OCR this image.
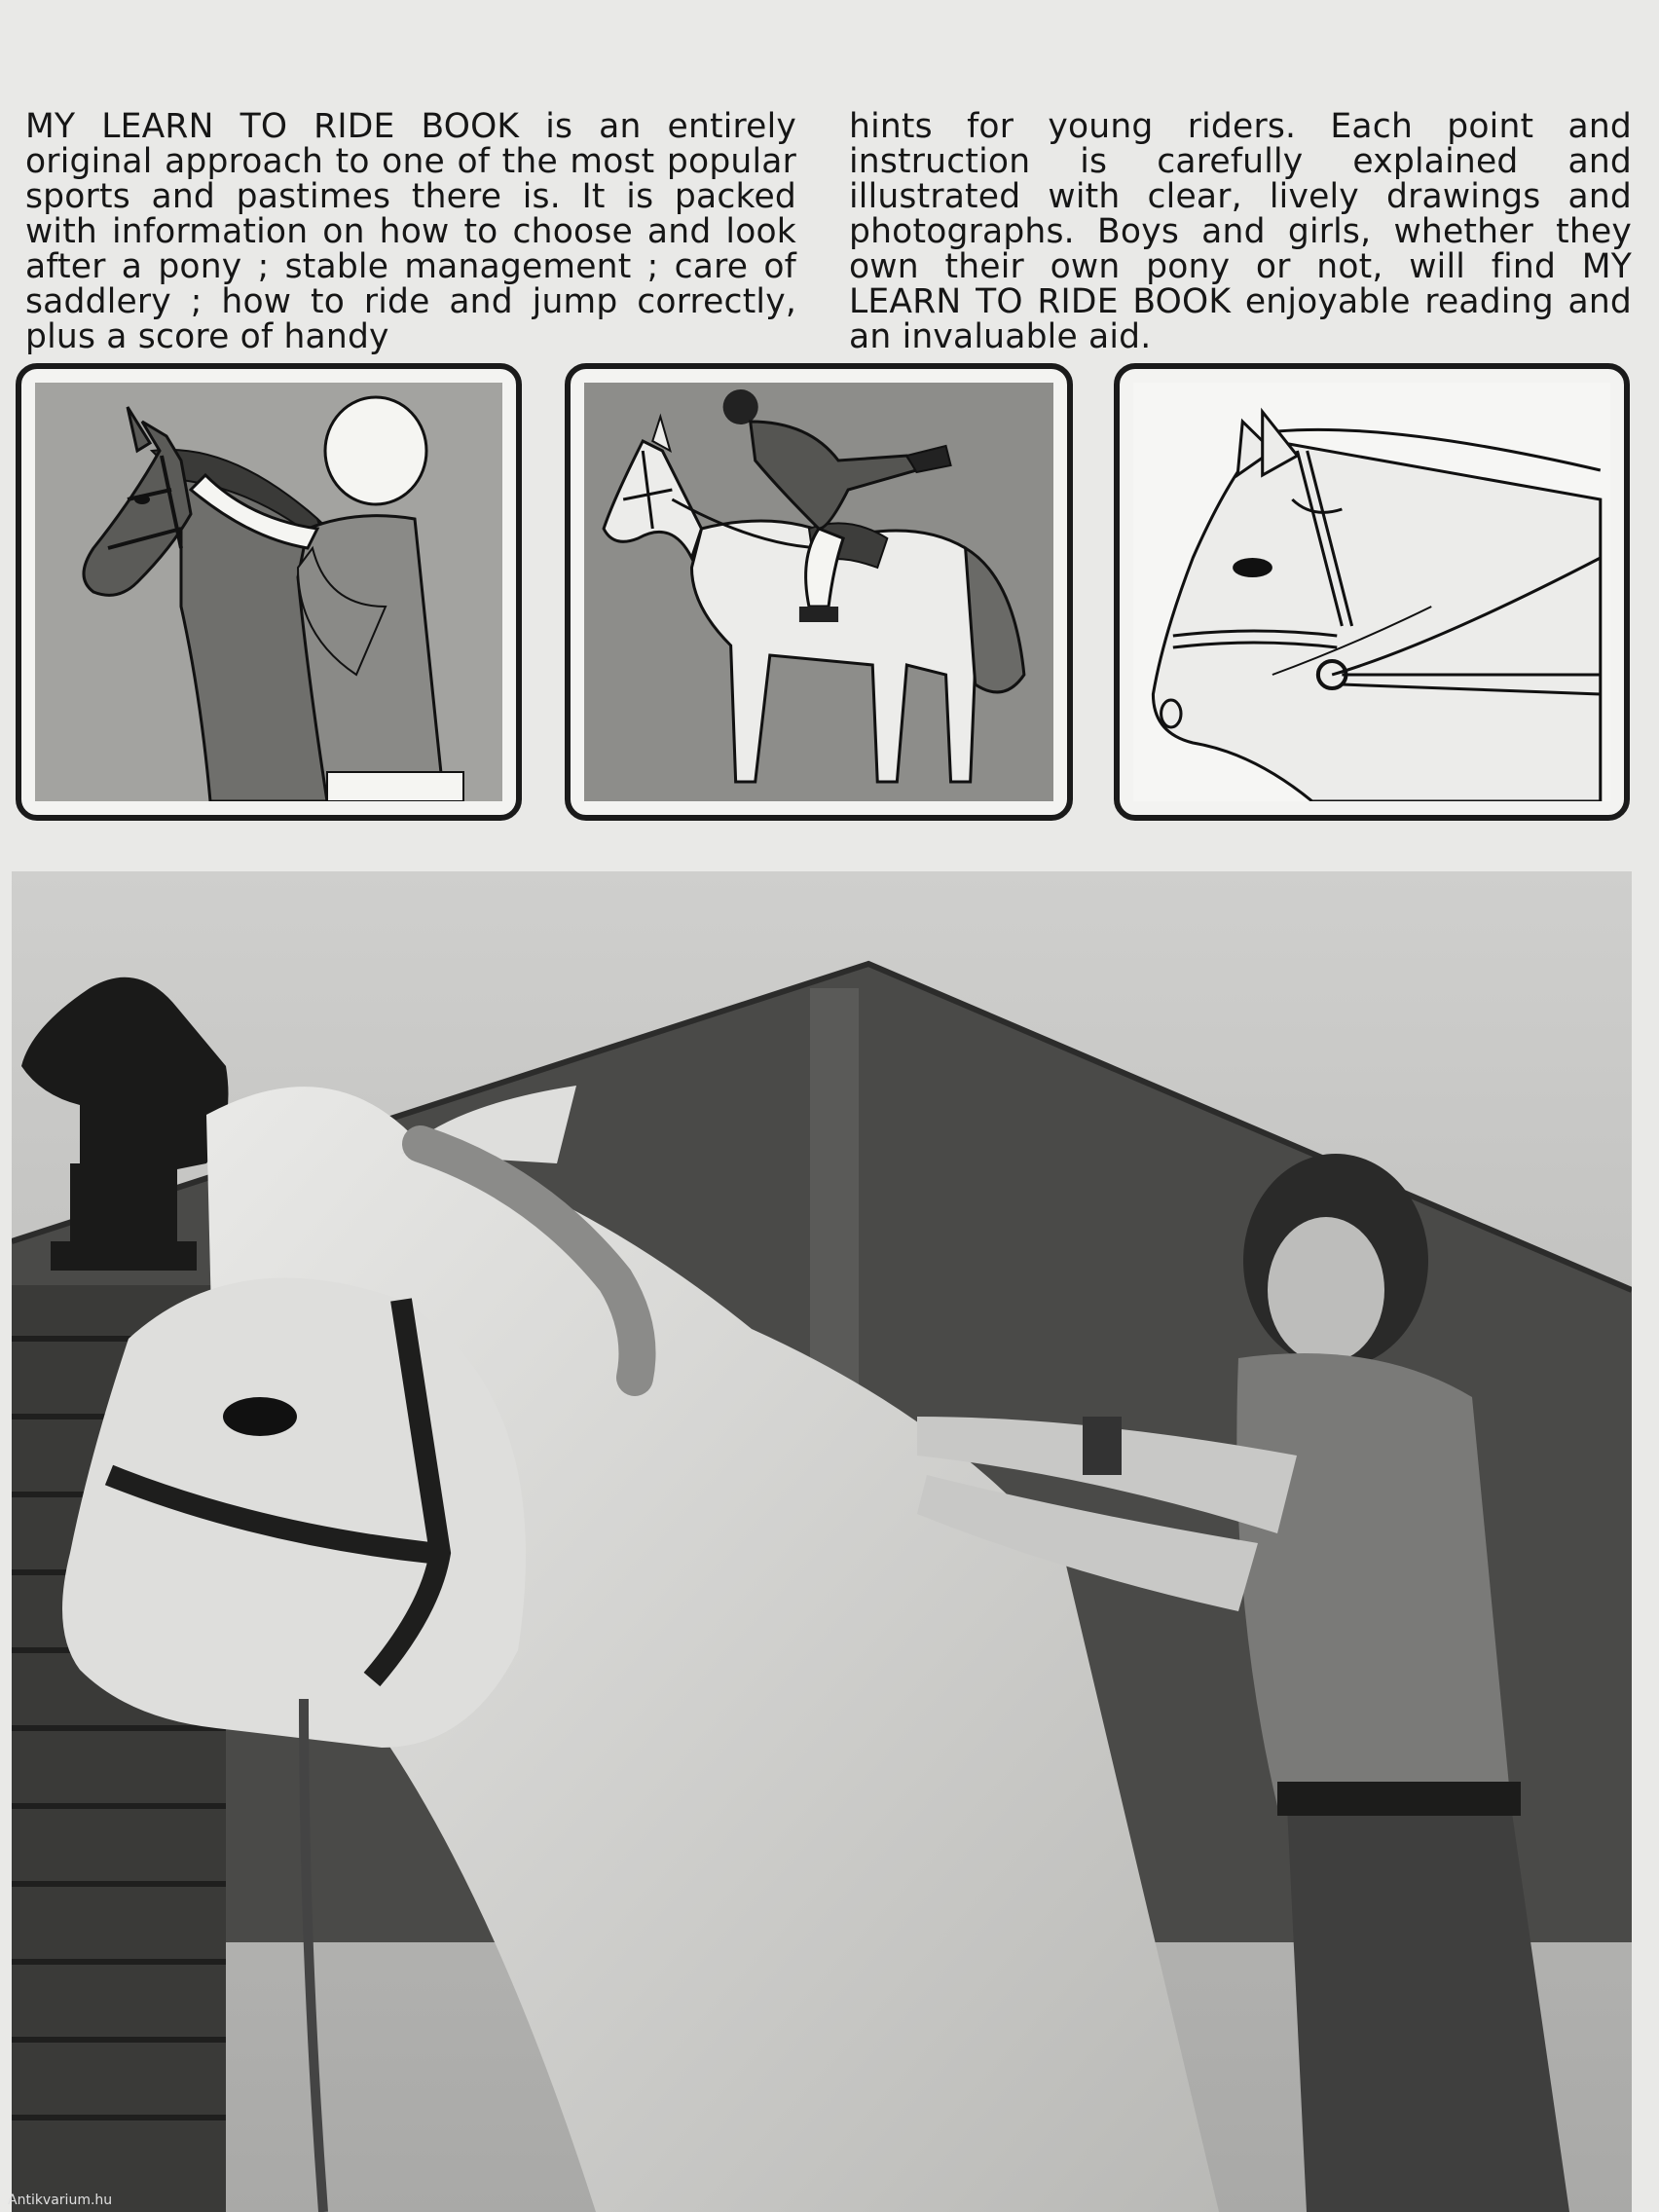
MY LEARN TO RIDE BOOK is an entirely original approach to one of the most popular sports and pastimes there is. It is packed with information on how to choose and look after a pony ; stable management ; care of saddlery ; how to ride and jump correctly, plus a score of handy

hints for young riders. Each point and instruction is carefully explained and illustrated with clear, lively drawings and photographs. Boys and girls, whether they own their own pony or not, will find MY LEARN TO RIDE BOOK enjoyable reading and an invaluable aid.

Antikvarium.hu
